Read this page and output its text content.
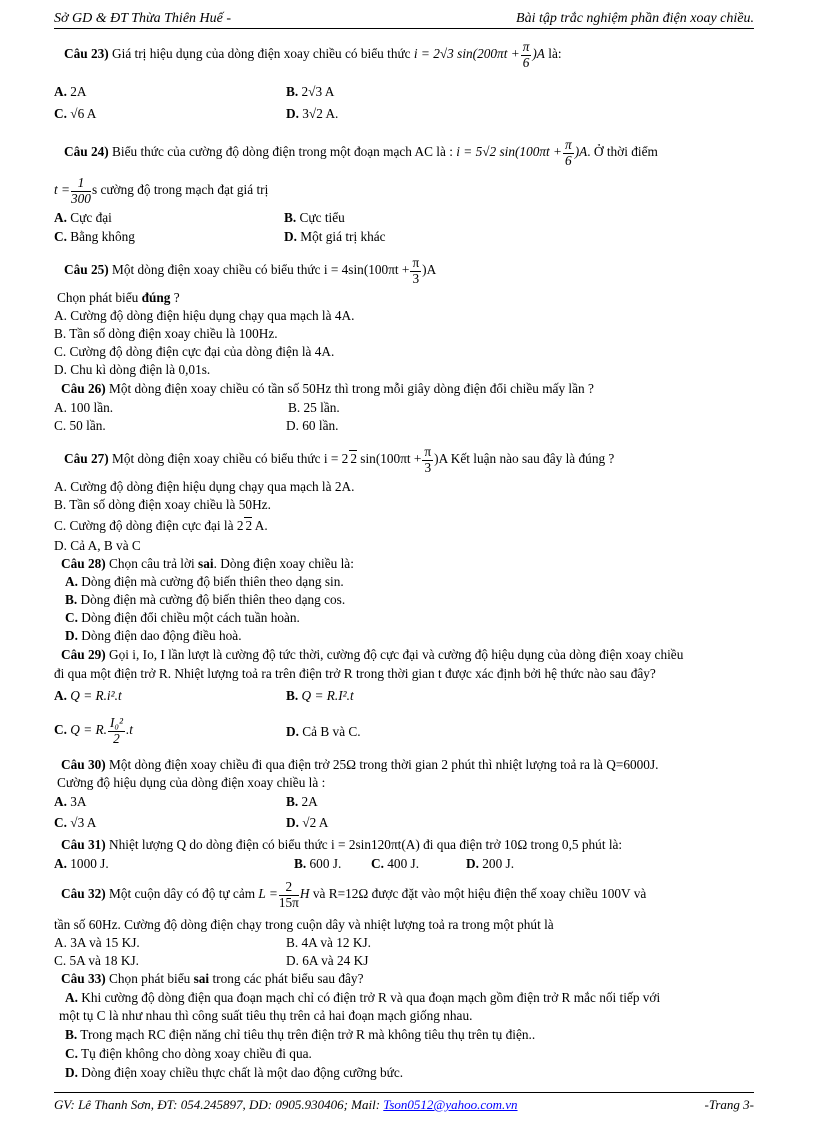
Sở GD & ĐT Thừa Thiên Huế -	Bài tập trắc nghiệm phần điện xoay chiều.
Câu 23) Giá trị hiệu dụng của dòng điện xoay chiều có biểu thức i = 2√3 $\sin(200\pi t + \frac{\pi}{6} )A$ là:
A. 2A	B. 2√3 A
C. √6 A	D. 3√2 A.
Câu 24) Biểu thức của cường độ dòng điện trong một đoạn mạch AC là : i = 5√2 $\sin(100\pi t + \frac{\pi}{6} )A$. Ở thời điểm
$t = \frac{1}{300}$ s cường độ trong mạch đạt giá trị
A. Cực đại	B. Cực tiểu
C. Bằng không	D. Một giá trị khác
Câu 25) Một dòng điện xoay chiều có biểu thức $i = 4\sin(100\pi t + \frac{\pi}{3} )A$
Chọn phát biểu đúng ?
A. Cường độ dòng điện hiệu dụng chạy qua mạch là 4A.
B. Tần số dòng điện xoay chiều là 100Hz.
C. Cường độ dòng điện cực đại của dòng điện là 4A.
D. Chu kì dòng điện là 0,01s.
Câu 26) Một dòng điện xoay chiều có tần số 50Hz thì trong mỗi giây dòng điện đổi chiều mấy lần ?
A. 100 lần.	B. 25 lần.
C. 50 lần.	D. 60 lần.
Câu 27) Một dòng điện xoay chiều có biểu thức i = 2 2 $\sin(100\pi t + \frac{\pi}{3} )A$ Kết luận nào sau đây là đúng ?
A. Cường độ dòng điện hiệu dụng chạy qua mạch là 2A.
B. Tần số dòng điện xoay chiều là 50Hz.
C. Cường độ dòng điện cực đại là 2 2 A.
D. Cả A, B và C
Câu 28) Chọn câu trả lời sai. Dòng điện xoay chiều là:
A. Dòng điện mà cường độ biến thiên theo dạng sin.
B. Dòng điện mà cường độ biến thiên theo dạng cos.
C. Dòng điện đổi chiều một cách tuần hoàn.
D. Dòng điện dao động điều hoà.
Câu 29) Gọi i, Io, I lần lượt là cường độ tức thời, cường độ cực đại và cường độ hiệu dụng của dòng điện xoay chiều
đi qua một điện trở R. Nhiệt lượng toả ra trên điện trở R trong thời gian t được xác định bởi hệ thức nào sau đây?
A. Q = R.i².t	B. Q = R.I².t
C. Q = R. $\frac{\text{I₀²}}{2} .t$	D. Cả B và C.
Câu 30) Một dòng điện xoay chiều đi qua điện trở 25Ω trong thời gian 2 phút thì nhiệt lượng toả ra là Q=6000J.
Cường độ hiệu dụng của dòng điện xoay chiều là :
A. 3A	B. 2A
C. √3 A	D. √2 A
Câu 31) Nhiệt lượng Q do dòng điện có biểu thức i = 2sin120πt(A) đi qua điện trở 10Ω trong 0,5 phút là:
A. 1000 J.	B. 600 J. C. 400 J.	D. 200 J.
Câu 32) Một cuộn dây có độ tự cảm $L = \frac{2}{15\pi}$ H và R=12Ω được đặt vào một hiệu điện thế xoay chiều 100V và
tần số 60Hz. Cường độ dòng điện chạy trong cuộn dây và nhiệt lượng toả ra trong một phút là
A. 3A và 15 KJ.	B. 4A và 12 KJ.
C. 5A và 18 KJ.	D. 6A và 24 KJ
Câu 33) Chọn phát biểu sai trong các phát biểu sau đây?
A. Khi cường độ dòng điện qua đoạn mạch chỉ có điện trở R và qua đoạn mạch gồm điện trở R mắc nối tiếp với
một tụ C là như nhau thì công suất tiêu thụ trên cả hai đoạn mạch giống nhau.
B. Trong mạch RC điện năng chỉ tiêu thụ trên điện trở R mà không tiêu thụ trên tụ điện..
C. Tụ điện không cho dòng xoay chiều đi qua.
D. Dòng điện xoay chiều thực chất là một dao động cưỡng bức.
GV: Lê Thanh Sơn, ĐT: 054.245897, DD: 0905.930406; Mail: Tson0512@yahoo.com.vn	-Trang 3-
